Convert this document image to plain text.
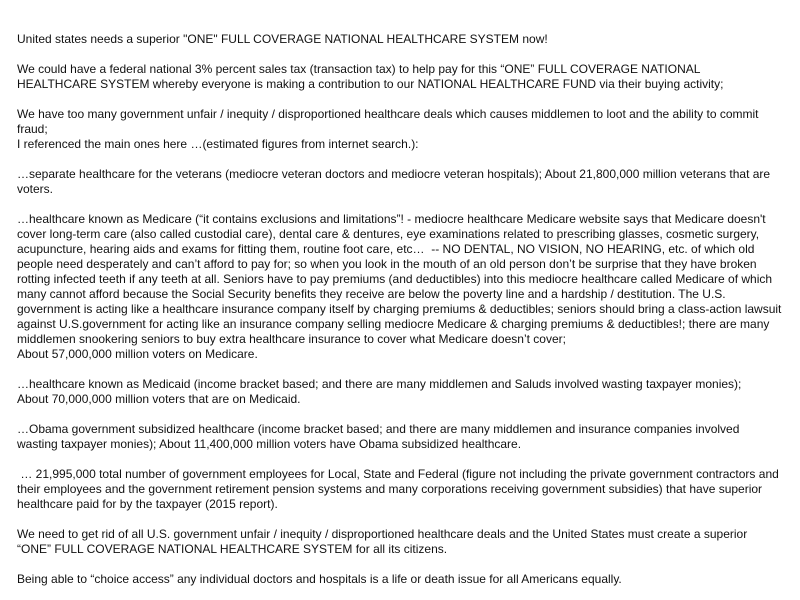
United states needs a superior "ONE" FULL COVERAGE NATIONAL HEALTHCARE SYSTEM now!

We could have a federal national 3% percent sales tax (transaction tax) to help pay for this “ONE” FULL COVERAGE NATIONAL HEALTHCARE SYSTEM whereby everyone is making a contribution to our NATIONAL HEALTHCARE FUND via their buying activity;

We have too many government unfair / inequity / disproportioned healthcare deals which causes middlemen to loot and the ability to commit fraud;
I referenced the main ones here …(estimated figures from internet search.):

…separate healthcare for the veterans (mediocre veteran doctors and mediocre veteran hospitals); About 21,800,000 million veterans that are voters.

…healthcare known as Medicare (“it contains exclusions and limitations”! - mediocre healthcare Medicare website says that Medicare doesn't cover long-term care (also called custodial care), dental care & dentures, eye examinations related to prescribing glasses, cosmetic surgery, acupuncture, hearing aids and exams for fitting them, routine foot care, etc…  -- NO DENTAL, NO VISION, NO HEARING, etc. of which old people need desperately and can’t afford to pay for; so when you look in the mouth of an old person don’t be surprise that they have broken rotting infected teeth if any teeth at all. Seniors have to pay premiums (and deductibles) into this mediocre healthcare called Medicare of which many cannot afford because the Social Security benefits they receive are below the poverty line and a hardship / destitution. The U.S. government is acting like a healthcare insurance company itself by charging premiums & deductibles; seniors should bring a class-action lawsuit against U.S.government for acting like an insurance company selling mediocre Medicare & charging premiums & deductibles!; there are many middlemen snookering seniors to buy extra healthcare insurance to cover what Medicare doesn’t cover;
About 57,000,000 million voters on Medicare.

…healthcare known as Medicaid (income bracket based; and there are many middlemen and Saluds involved wasting taxpayer monies);
About 70,000,000 million voters that are on Medicaid.

…Obama government subsidized healthcare (income bracket based; and there are many middlemen and insurance companies involved wasting taxpayer monies); About 11,400,000 million voters have Obama subsidized healthcare.

… 21,995,000 total number of government employees for Local, State and Federal (figure not including the private government contractors and their employees and the government retirement pension systems and many corporations receiving government subsidies) that have superior healthcare paid for by the taxpayer (2015 report).

We need to get rid of all U.S. government unfair / inequity / disproportioned healthcare deals and the United States must create a superior “ONE” FULL COVERAGE NATIONAL HEALTHCARE SYSTEM for all its citizens.

Being able to “choice access” any individual doctors and hospitals is a life or death issue for all Americans equally.
